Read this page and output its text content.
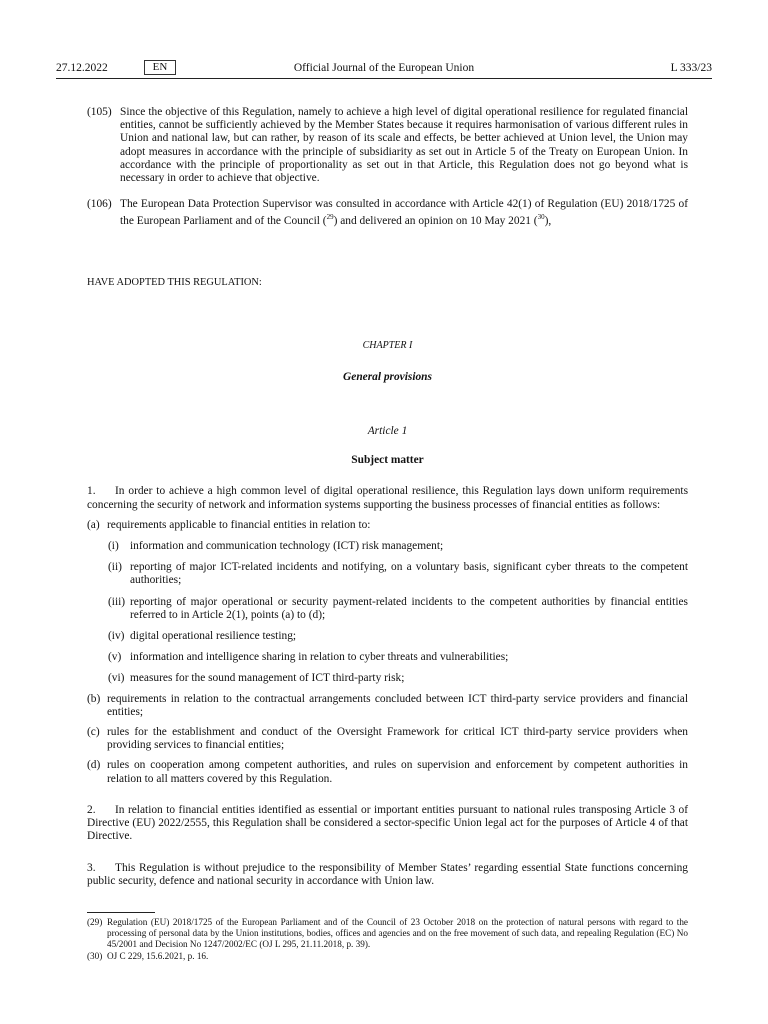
27.12.2022	EN	Official Journal of the European Union	L 333/23
(105) Since the objective of this Regulation, namely to achieve a high level of digital operational resilience for regulated financial entities, cannot be sufficiently achieved by the Member States because it requires harmonisation of various different rules in Union and national law, but can rather, by reason of its scale and effects, be better achieved at Union level, the Union may adopt measures in accordance with the principle of subsidiarity as set out in Article 5 of the Treaty on European Union. In accordance with the principle of proportionality as set out in that Article, this Regulation does not go beyond what is necessary in order to achieve that objective.
(106) The European Data Protection Supervisor was consulted in accordance with Article 42(1) of Regulation (EU) 2018/1725 of the European Parliament and of the Council ($^{29}$) and delivered an opinion on 10 May 2021 ($^{30}$),
HAVE ADOPTED THIS REGULATION:
CHAPTER I
General provisions
Article 1
Subject matter
1. In order to achieve a high common level of digital operational resilience, this Regulation lays down uniform requirements concerning the security of network and information systems supporting the business processes of financial entities as follows:
(a) requirements applicable to financial entities in relation to:
(i) information and communication technology (ICT) risk management;
(ii) reporting of major ICT-related incidents and notifying, on a voluntary basis, significant cyber threats to the competent authorities;
(iii) reporting of major operational or security payment-related incidents to the competent authorities by financial entities referred to in Article 2(1), points (a) to (d);
(iv) digital operational resilience testing;
(v) information and intelligence sharing in relation to cyber threats and vulnerabilities;
(vi) measures for the sound management of ICT third-party risk;
(b) requirements in relation to the contractual arrangements concluded between ICT third-party service providers and financial entities;
(c) rules for the establishment and conduct of the Oversight Framework for critical ICT third-party service providers when providing services to financial entities;
(d) rules on cooperation among competent authorities, and rules on supervision and enforcement by competent authorities in relation to all matters covered by this Regulation.
2. In relation to financial entities identified as essential or important entities pursuant to national rules transposing Article 3 of Directive (EU) 2022/2555, this Regulation shall be considered a sector-specific Union legal act for the purposes of Article 4 of that Directive.
3. This Regulation is without prejudice to the responsibility of Member States’ regarding essential State functions concerning public security, defence and national security in accordance with Union law.
(29) Regulation (EU) 2018/1725 of the European Parliament and of the Council of 23 October 2018 on the protection of natural persons with regard to the processing of personal data by the Union institutions, bodies, offices and agencies and on the free movement of such data, and repealing Regulation (EC) No 45/2001 and Decision No 1247/2002/EC (OJ L 295, 21.11.2018, p. 39).
(30) OJ C 229, 15.6.2021, p. 16.
